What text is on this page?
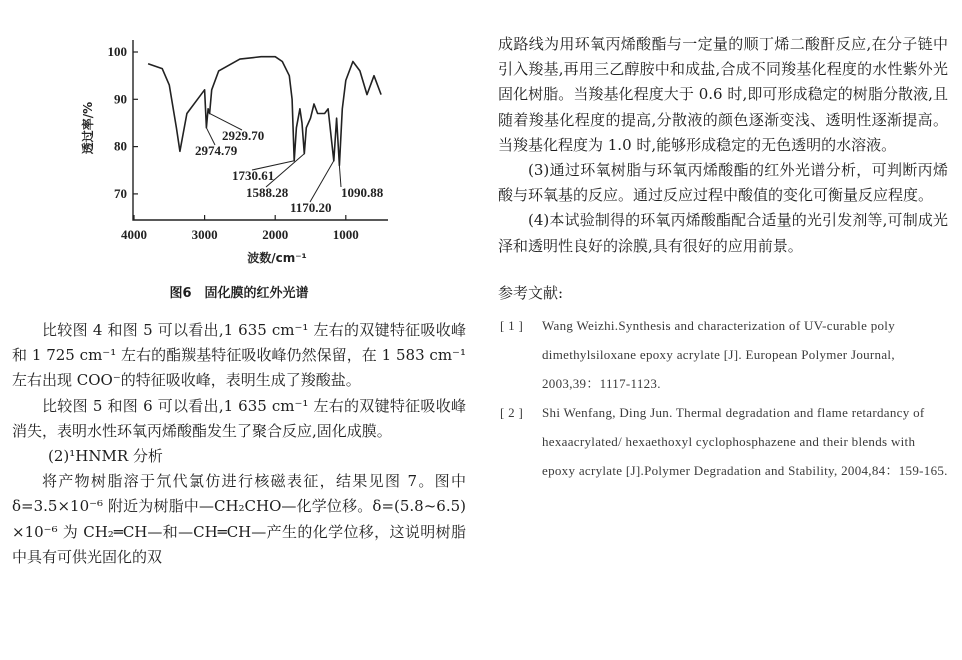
100
90
80
70
4000	3000	2000	1000
波数/cm⁻¹
透过率/%	2929.70
2974.79
1730.61
1588.28
1170.20
1090.88
图6　固化膜的红外光谱

比较图 4 和图 5 可以看出,1 635 cm⁻¹ 左右的双键特征吸收峰和 1 725 cm⁻¹ 左右的酯羰基特征吸收峰仍然保留，在 1 583 cm⁻¹ 左右出现 COO⁻的特征吸收峰，表明生成了羧酸盐。

比较图 5 和图 6 可以看出,1 635 cm⁻¹ 左右的双键特征吸收峰消失，表明水性环氧丙烯酸酯发生了聚合反应,固化成膜。

(2)¹HNMR 分析

将产物树脂溶于氘代氯仿进行核磁表征，结果见图 7。图中 δ=3.5×10⁻⁶ 附近为树脂中—CH₂CHO—化学位移。δ=(5.8~6.5) ×10⁻⁶ 为 CH₂═CH—和—CH═CH—产生的化学位移，这说明树脂中具有可供光固化的双

成路线为用环氧丙烯酸酯与一定量的顺丁烯二酸酐反应,在分子链中引入羧基,再用三乙醇胺中和成盐,合成不同羧基化程度的水性紫外光固化树脂。当羧基化程度大于 0.6 时,即可形成稳定的树脂分散液,且随着羧基化程度的提高,分散液的颜色逐渐变浅、透明性逐渐提高。当羧基化程度为 1.0 时,能够形成稳定的无色透明的水溶液。

(3)通过环氧树脂与环氧丙烯酸酯的红外光谱分析，可判断丙烯酸与环氧基的反应。通过反应过程中酸值的变化可衡量反应程度。

(4)本试验制得的环氧丙烯酸酯配合适量的光引发剂等,可制成光泽和透明性良好的涂膜,具有很好的应用前景。

参考文献:
[ 1 ] Wang Weizhi.Synthesis and characterization of UV-curable poly dimethylsiloxane epoxy acrylate [J]. European Polymer Journal, 2003,39：1117-1123.
[ 2 ] Shi Wenfang, Ding Jun. Thermal degradation and flame retardancy of hexaacrylated/ hexaethoxyl cyclophosphazene and their blends with epoxy acrylate [J].Polymer Degradation and Stability, 2004,84：159-165.
